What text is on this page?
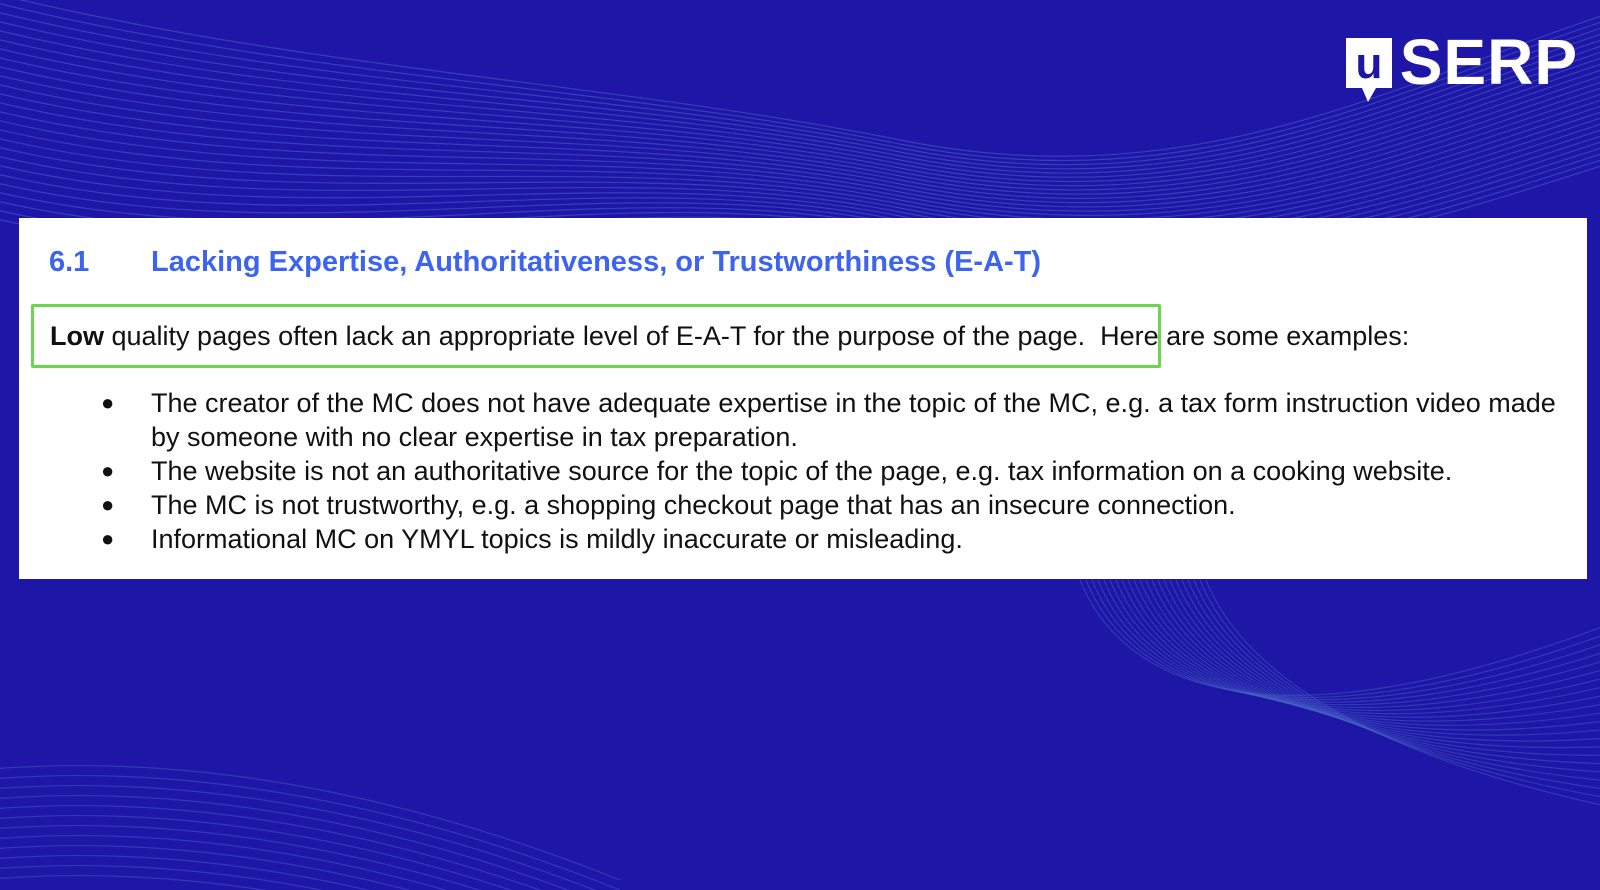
u SERP
6.1 Lacking Expertise, Authoritativeness, or Trustworthiness (E-A-T)
Low quality pages often lack an appropriate level of E-A-T for the purpose of the page. Here are some examples:
● The creator of the MC does not have adequate expertise in the topic of the MC, e.g. a tax form instruction video made by someone with no clear expertise in tax preparation.
● The website is not an authoritative source for the topic of the page, e.g. tax information on a cooking website.
● The MC is not trustworthy, e.g. a shopping checkout page that has an insecure connection.
● Informational MC on YMYL topics is mildly inaccurate or misleading.
